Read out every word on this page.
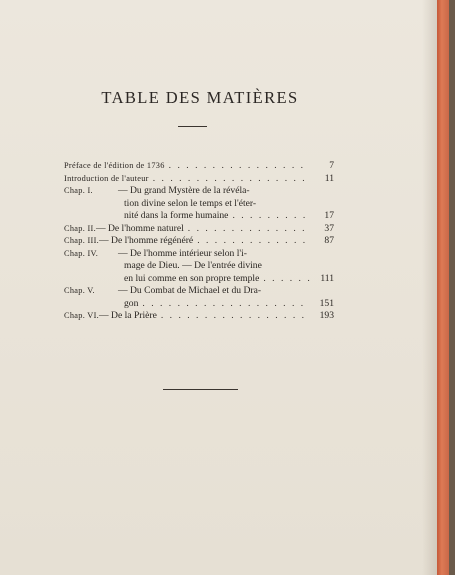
TABLE DES MATIÈRES
Préface de l'édition de 1736 . . .	7
Introduction de l'auteur . . .	11
Chap. I.	— Du grand Mystère de la révéla-
tion divine selon le temps et l'éter-
nité dans la forme humaine . . .	17
Chap. II. — De l'homme naturel . . .	37
Chap. III. — De l'homme régénéré . . .	87
Chap. IV.	— De l'homme intérieur selon l'i-
mage de Dieu. — De l'entrée divine
en lui comme en son propre temple . . .	111
Chap. V.	— Du Combat de Michael et du Dra-
gon . . .	151
Chap. VI. — De la Prière . . .	193
